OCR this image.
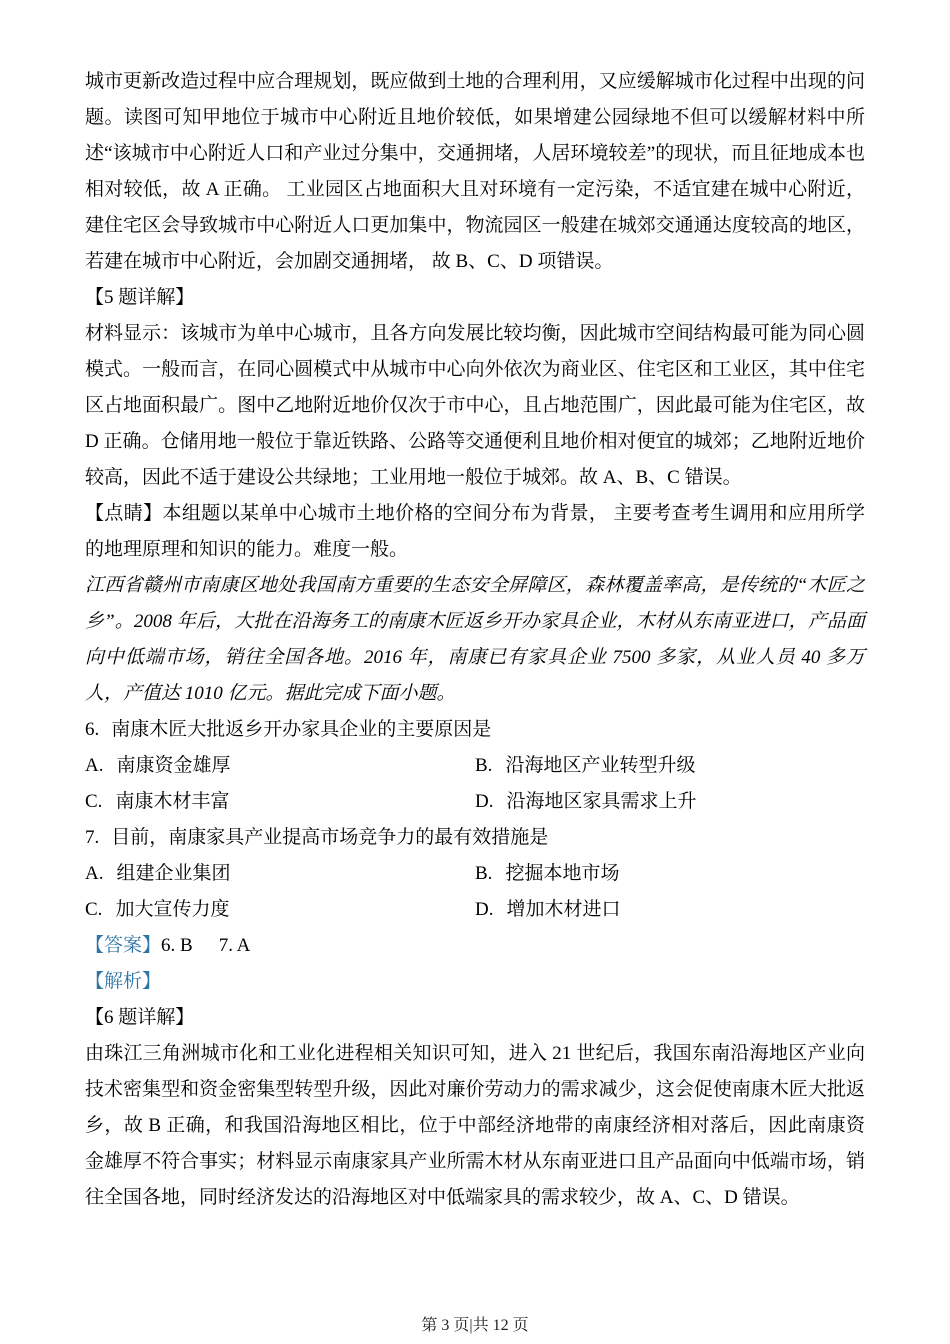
城市更新改造过程中应合理规划，既应做到土地的合理利用，又应缓解城市化过程中出现的问题。读图可知甲地位于城市中心附近且地价较低，如果增建公园绿地不但可以缓解材料中所述“该城市中心附近人口和产业过分集中，交通拥堵，人居环境较差”的现状，而且征地成本也相对较低，故 A 正确。 工业园区占地面积大且对环境有一定污染，不适宜建在城中心附近，建住宅区会导致城市中心附近人口更加集中，物流园区一般建在城郊交通通达度较高的地区，若建在城市中心附近，会加剧交通拥堵， 故 B、C、D 项错误。

【5 题详解】

材料显示：该城市为单中心城市，且各方向发展比较均衡，因此城市空间结构最可能为同心圆模式。一般而言，在同心圆模式中从城市中心向外依次为商业区、住宅区和工业区，其中住宅区占地面积最广。图中乙地附近地价仅次于市中心，且占地范围广，因此最可能为住宅区，故 D 正确。仓储用地一般位于靠近铁路、公路等交通便利且地价相对便宜的城郊；乙地附近地价较高，因此不适于建设公共绿地；工业用地一般位于城郊。故 A、B、C 错误。

【点睛】本组题以某单中心城市土地价格的空间分布为背景， 主要考查考生调用和应用所学的地理原理和知识的能力。难度一般。

江西省赣州市南康区地处我国南方重要的生态安全屏障区，森林覆盖率高，是传统的“木匠之乡”。2008 年后，大批在沿海务工的南康木匠返乡开办家具企业，木材从东南亚进口，产品面向中低端市场，销往全国各地。2016 年，南康已有家具企业 7500 多家，从业人员 40 多万人，产值达 1010 亿元。据此完成下面小题。

6. 南康木匠大批返乡开办家具企业的主要原因是
A. 南康资金雄厚	B. 沿海地区产业转型升级
C. 南康木材丰富	D. 沿海地区家具需求上升
7. 目前，南康家具产业提高市场竞争力的最有效措施是
A. 组建企业集团	B. 挖掘本地市场
C. 加大宣传力度	D. 增加木材进口
【答案】 6. B 7. A

【解析】

【6 题详解】

由珠江三角洲城市化和工业化进程相关知识可知，进入 21 世纪后，我国东南沿海地区产业向技术密集型和资金密集型转型升级，因此对廉价劳动力的需求减少，这会促使南康木匠大批返乡，故 B 正确，和我国沿海地区相比，位于中部经济地带的南康经济相对落后，因此南康资金雄厚不符合事实；材料显示南康家具产业所需木材从东南亚进口且产品面向中低端市场，销往全国各地，同时经济发达的沿海地区对中低端家具的需求较少，故 A、C、D 错误。

第 3 页|共 12 页
